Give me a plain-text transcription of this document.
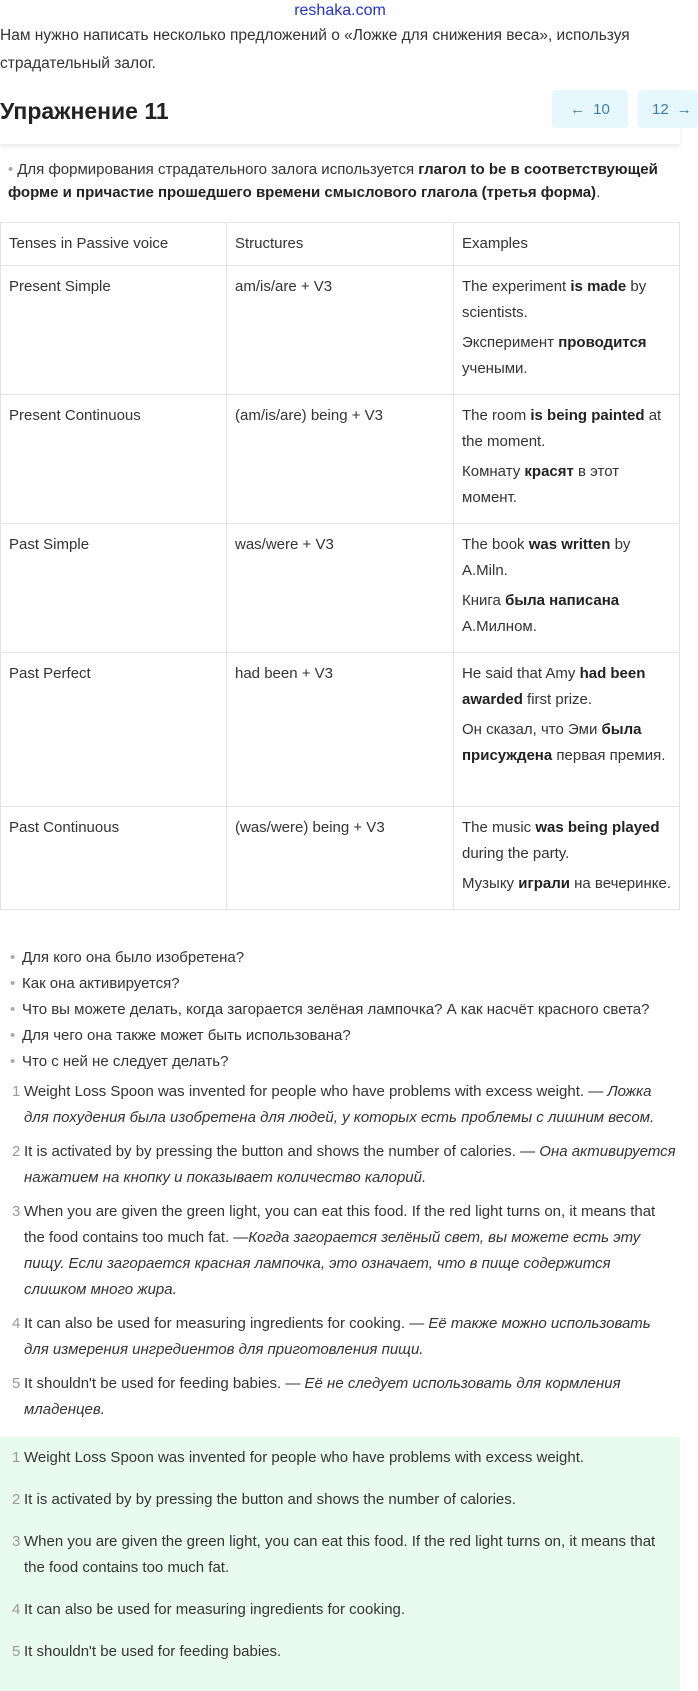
reshaka.com

Нам нужно написать несколько предложений о «Ложке для снижения веса», используя страдательный залог.

Упражнение 11	← 10	12 →

• Для формирования страдательного залога используется глагол to be в соответствующей форме и причастие прошедшего времени смыслового глагола (третья форма).

Tenses in Passive voice	Structures	Examples
Present Simple	am/is/are + V3	The experiment is made by scientists.

Эксперимент проводится учеными.

Present Continuous	(am/is/are) being + V3	The room is being painted at the moment.

Комнату красят в этот момент.

Past Simple	was/were + V3	The book was written by A.Miln.

Книга была написана А.Милном.

Past Perfect	had been + V3	He said that Amy had been awarded first prize.

Он сказал, что Эми была присуждена первая премия.

Past Continuous	(was/were) being + V3	The music was being played during the party.

Музыку играли на вечеринке.

• Для кого она было изобретена?
• Как она активируется?
• Что вы можете делать, когда загорается зелёная лампочка? А как насчёт красного света?
• Для чего она также может быть использована?
• Что с ней не следует делать?
1 Weight Loss Spoon was invented for people who have problems with excess weight. — Ложка для похудения была изобретена для людей, у которых есть проблемы с лишним весом.
2 It is activated by by pressing the button and shows the number of calories. — Она активируется нажатием на кнопку и показывает количество калорий.
3 When you are given the green light, you can eat this food. If the red light turns on, it means that the food contains too much fat. —Когда загорается зелёный свет, вы можете есть эту пищу. Если загорается красная лампочка, это означает, что в пище содержится слишком много жира.
4 It can also be used for measuring ingredients for cooking. — Её также можно использовать для измерения ингредиентов для приготовления пищи.
5 It shouldn't be used for feeding babies. — Её не следует использовать для кормления младенцев.
1 Weight Loss Spoon was invented for people who have problems with excess weight.
2 It is activated by by pressing the button and shows the number of calories.
3 When you are given the green light, you can eat this food. If the red light turns on, it means that the food contains too much fat.
4 It can also be used for measuring ingredients for cooking.
5 It shouldn't be used for feeding babies.
